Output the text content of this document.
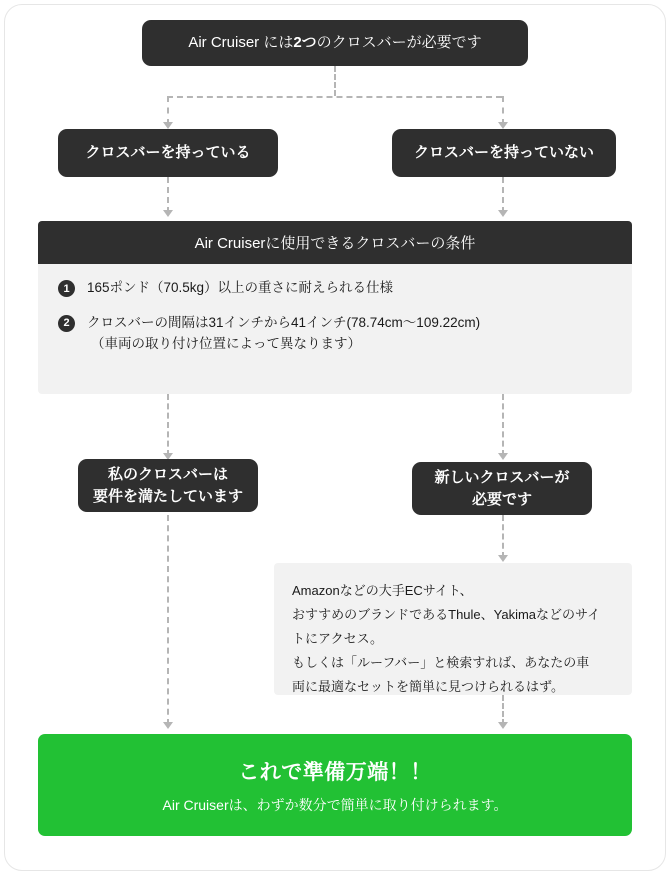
Air Cruiser には2つのクロスバーが必要です
クロスバーを持っている	クロスバーを持っていない
Air Cruiserに使用できるクロスバーの条件
1	165ポンド（70.5kg）以上の重さに耐えられる仕様
2	クロスバーの間隔は31インチから41インチ(78.74cm〜109.22cm)
（車両の取り付け位置によって異なります）
私のクロスバーは
要件を満たしています
新しいクロスバーが
必要です
Amazonなどの大手ECサイト、
おすすめのブランドであるThule、Yakimaなどのサイ
トにアクセス。
もしくは「ルーフバー」と検索すれば、あなたの車
両に最適なセットを簡単に見つけられるはず。
これで準備万端！！
Air Cruiserは、わずか数分で簡単に取り付けられます。
